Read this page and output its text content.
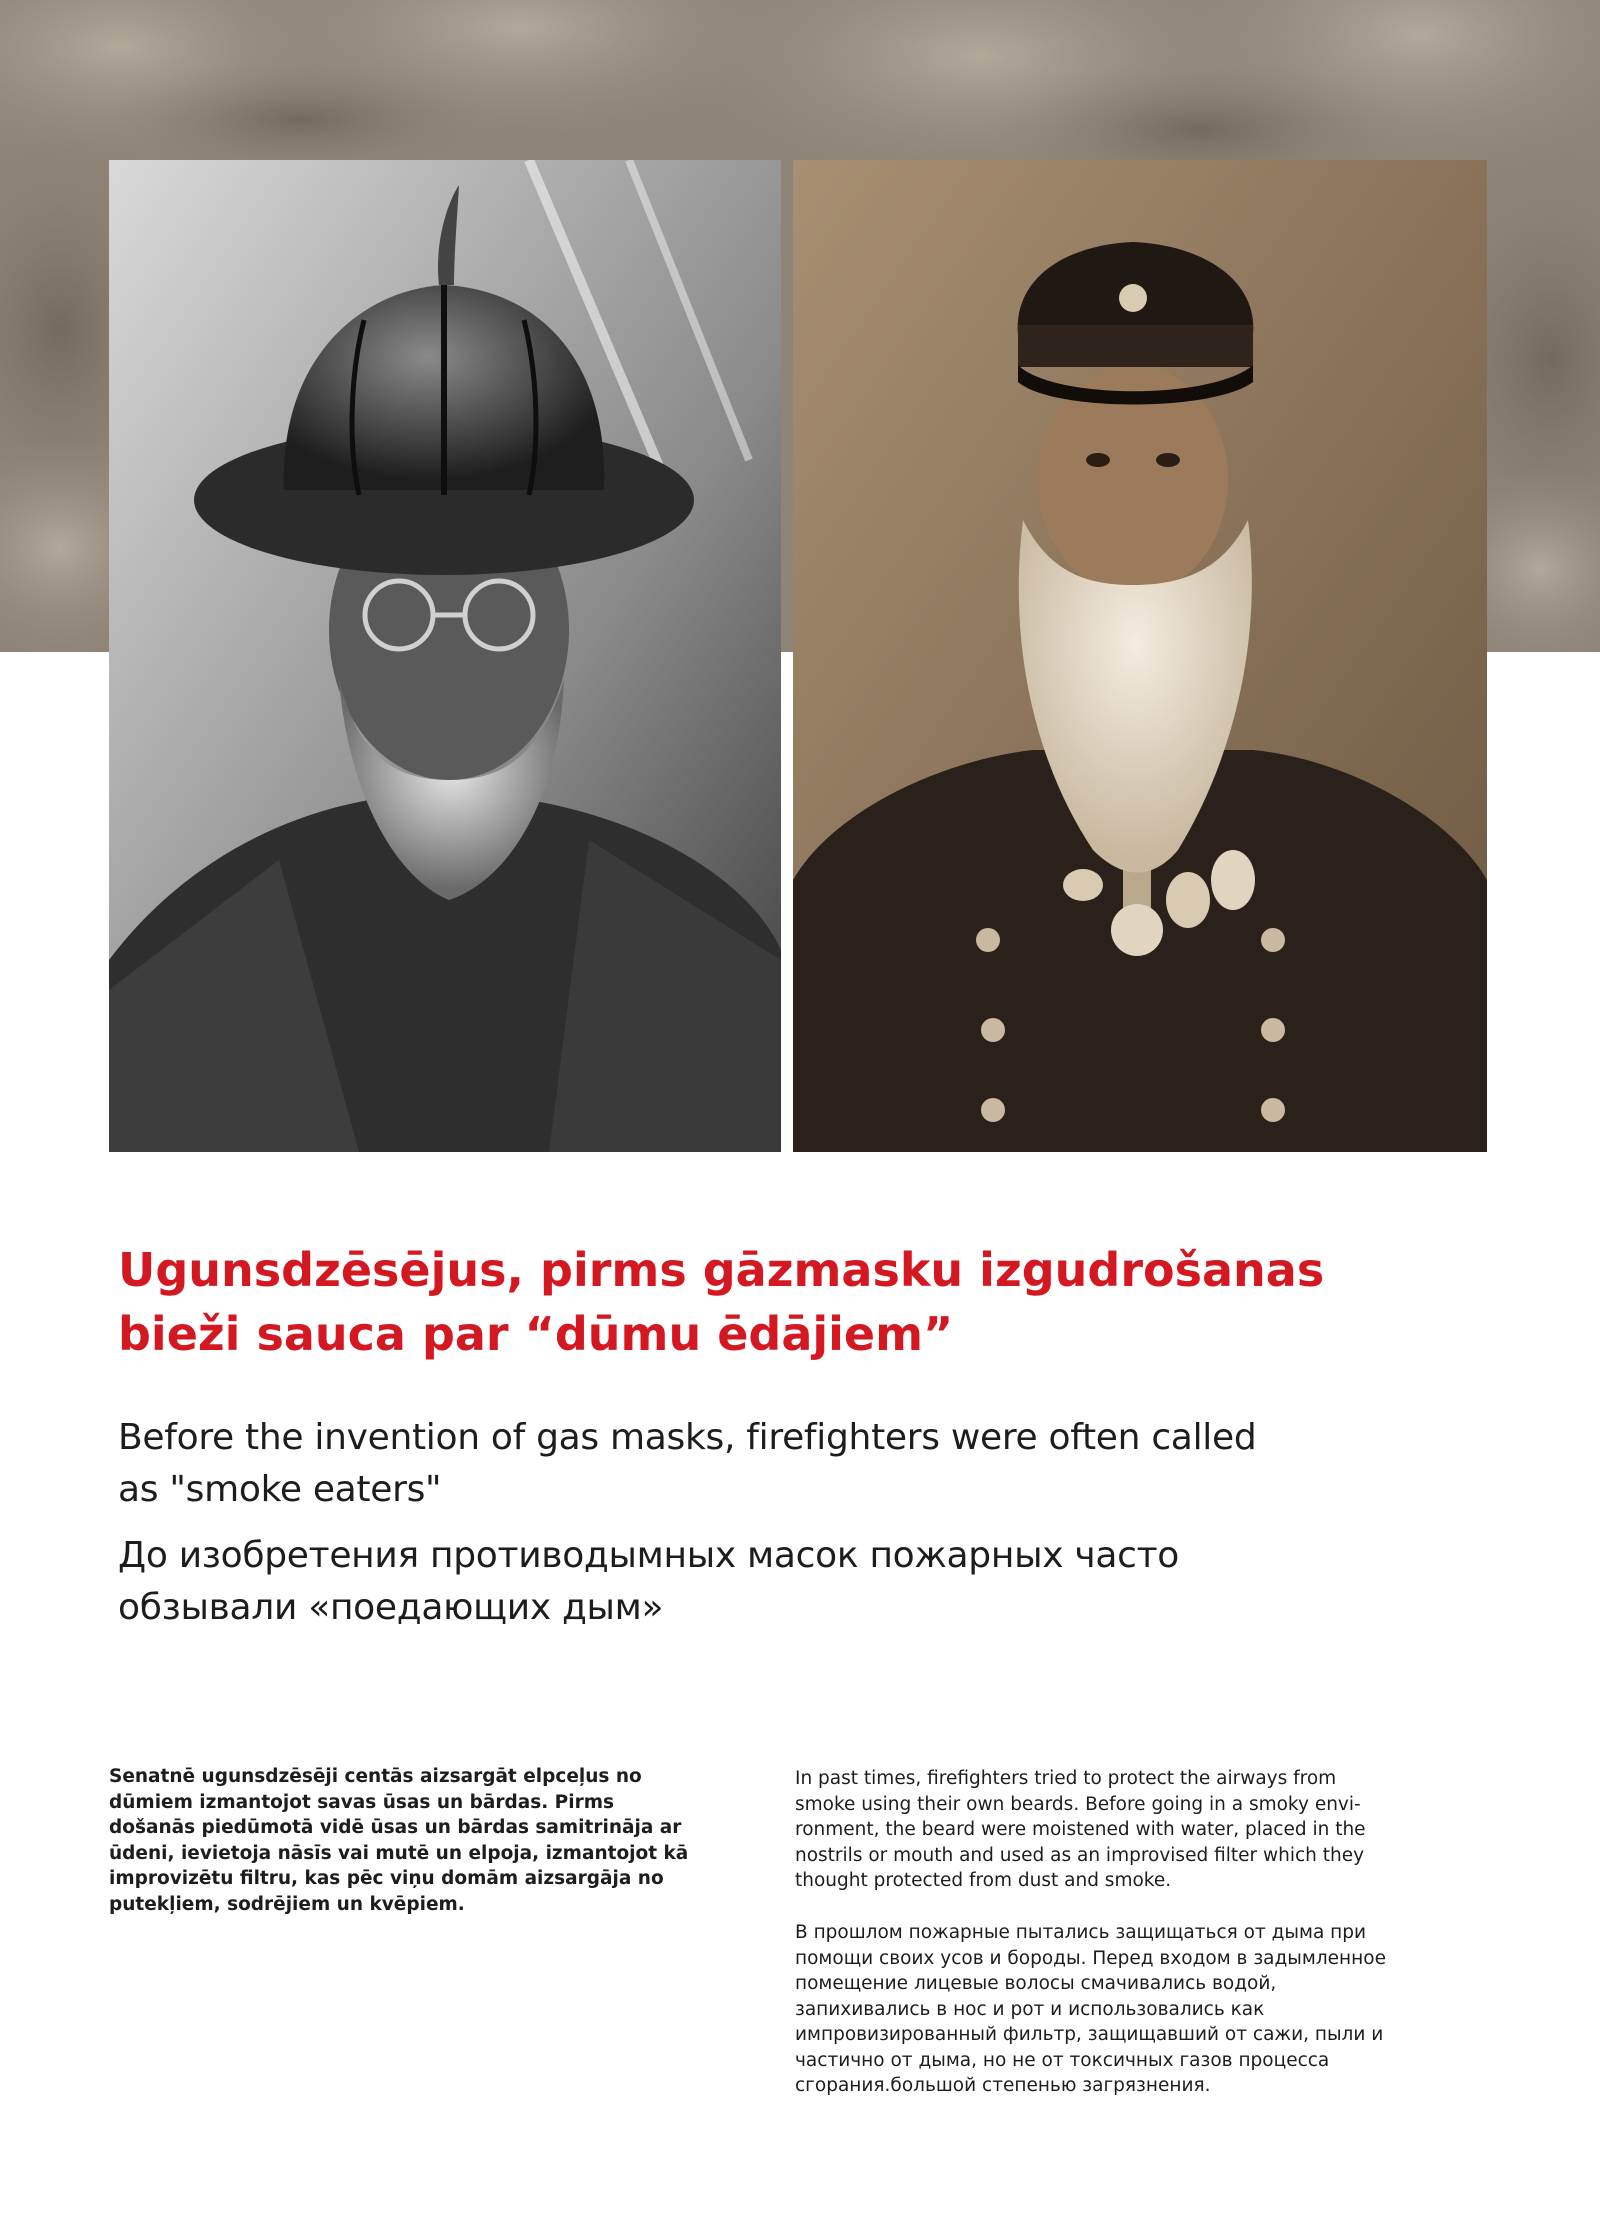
Ugunsdzēsējus, pirms gāzmasku izgudrošanas
bieži sauca par “dūmu ēdājiem”

Before the invention of gas masks, firefighters were often called
as "smoke eaters"

До изобретения противодымных масок пожарных часто
обзывали «поедающих дым»

Senatnē ugunsdzēsēji centās aizsargāt elpceļus no
dūmiem izmantojot savas ūsas un bārdas. Pirms
došanās piedūmotā vidē ūsas un bārdas samitrināja ar
ūdeni, ievietoja nāsīs vai mutē un elpoja, izmantojot kā
improvizētu filtru, kas pēc viņu domām aizsargāja no
putekļiem, sodrējiem un kvēpiem.

In past times, firefighters tried to protect the airways from
smoke using their own beards. Before going in a smoky envi-
ronment, the beard were moistened with water, placed in the
nostrils or mouth and used as an improvised filter which they
thought protected from dust and smoke.

В прошлом пожарные пытались защищаться от дыма при
помощи своих усов и бороды. Перед входом в задымленное
помещение лицевые волосы смачивались водой,
запихивались в нос и рот и использовались как
импровизированный фильтр, защищавший от сажи, пыли и
частично от дыма, но не от токсичных газов процесса
сгорания.большой степенью загрязнения.
